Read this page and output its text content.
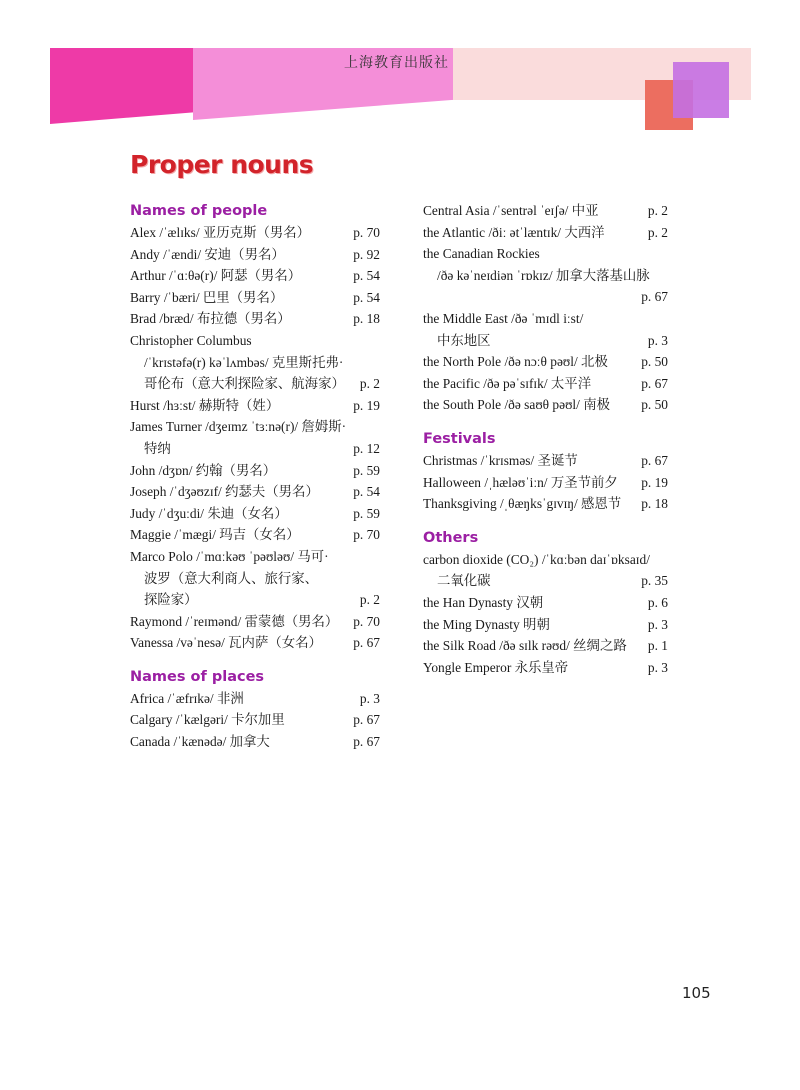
上海教育出版社
Proper nouns
Names of people
Alex /ˈælɪks/ 亚历克斯（男名）	p. 70
Andy /ˈændi/ 安迪（男名）	p. 92
Arthur /ˈɑːθə(r)/ 阿瑟（男名）	p. 54
Barry /ˈbæri/ 巴里（男名）	p. 54
Brad /bræd/ 布拉德（男名）	p. 18
Christopher Columbus
/ˈkrɪstəfə(r) kəˈlʌmbəs/ 克里斯托弗·
哥伦布（意大利探险家、航海家）	p. 2
Hurst /hɜːst/ 赫斯特（姓）	p. 19
James Turner /dʒeɪmz ˈtɜːnə(r)/ 詹姆斯·
特纳	p. 12
John /dʒɒn/ 约翰（男名）	p. 59
Joseph /ˈdʒəʊzɪf/ 约瑟夫（男名）	p. 54
Judy /ˈdʒuːdi/ 朱迪（女名）	p. 59
Maggie /ˈmægi/ 玛吉（女名）	p. 70
Marco Polo /ˈmɑːkəʊ ˈpəʊləʊ/ 马可·
波罗（意大利商人、旅行家、
探险家）	p. 2
Raymond /ˈreɪmənd/ 雷蒙德（男名）	p. 70
Vanessa /vəˈnesə/ 瓦内萨（女名）	p. 67
Names of places
Africa /ˈæfrɪkə/ 非洲	p. 3
Calgary /ˈkælgəri/ 卡尔加里	p. 67
Canada /ˈkænədə/ 加拿大	p. 67
Central Asia /ˈsentrəl ˈeɪʃə/ 中亚	p. 2
the Atlantic /ðiː ətˈlæntɪk/ 大西洋	p. 2
the Canadian Rockies
/ðə kəˈneɪdiən ˈrɒkɪz/ 加拿大落基山脉
p. 67
the Middle East /ðə ˈmɪdl iːst/
中东地区	p. 3
the North Pole /ðə nɔːθ pəʊl/ 北极	p. 50
the Pacific /ðə pəˈsɪfɪk/ 太平洋	p. 67
the South Pole /ðə saʊθ pəʊl/ 南极	p. 50
Festivals
Christmas /ˈkrɪsməs/ 圣诞节	p. 67
Halloween /ˌhæləʊˈiːn/ 万圣节前夕	p. 19
Thanksgiving /ˌθæŋksˈgɪvɪŋ/ 感恩节	p. 18
Others
carbon dioxide (CO₂) /ˈkɑːbən daɪˈɒksaɪd/
二氧化碳	p. 35
the Han Dynasty 汉朝	p. 6
the Ming Dynasty 明朝	p. 3
the Silk Road /ðə sɪlk rəʊd/ 丝绸之路	p. 1
Yongle Emperor 永乐皇帝	p. 3
105
